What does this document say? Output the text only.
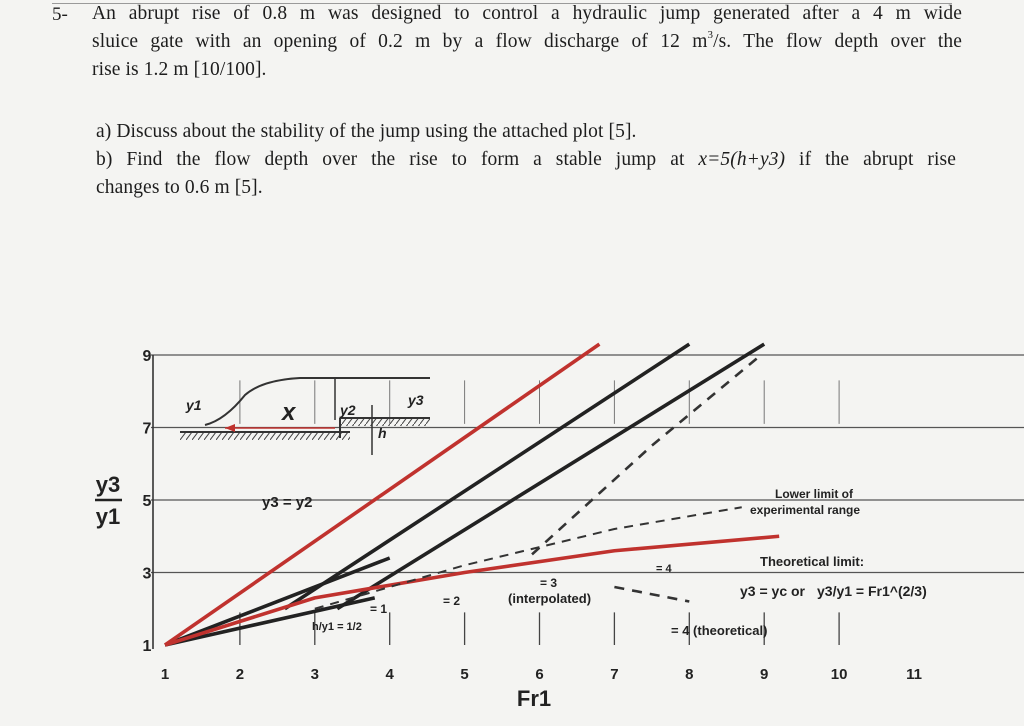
5- An abrupt rise of 0.8 m was designed to control a hydraulic jump generated after a 4 m wide
sluice gate with an opening of 0.2 m by a flow discharge of 12 $m^3/s$. The flow depth over the
rise is 1.2 m [10/100].
a) Discuss about the stability of the jump using the attached plot [5].
b) Find the flow depth over the rise to form a stable jump at x=5(h+y3) if the abrupt rise
changes to 0.6 m [5].
y1	x	y2
y3
h
1
3
5
7
9
1	2	3	4	5	6	7	8	9	10	11
y3
y1
Fr1
y3 = y2	Lower limit of experimental range
Theoretical limit:
y3 = yc or y3/y1 = Fr1^(2/3)
= 4 (theoretical)
= 4
= 3
(interpolated)
= 2
= 1
h/y1 = 1/2
